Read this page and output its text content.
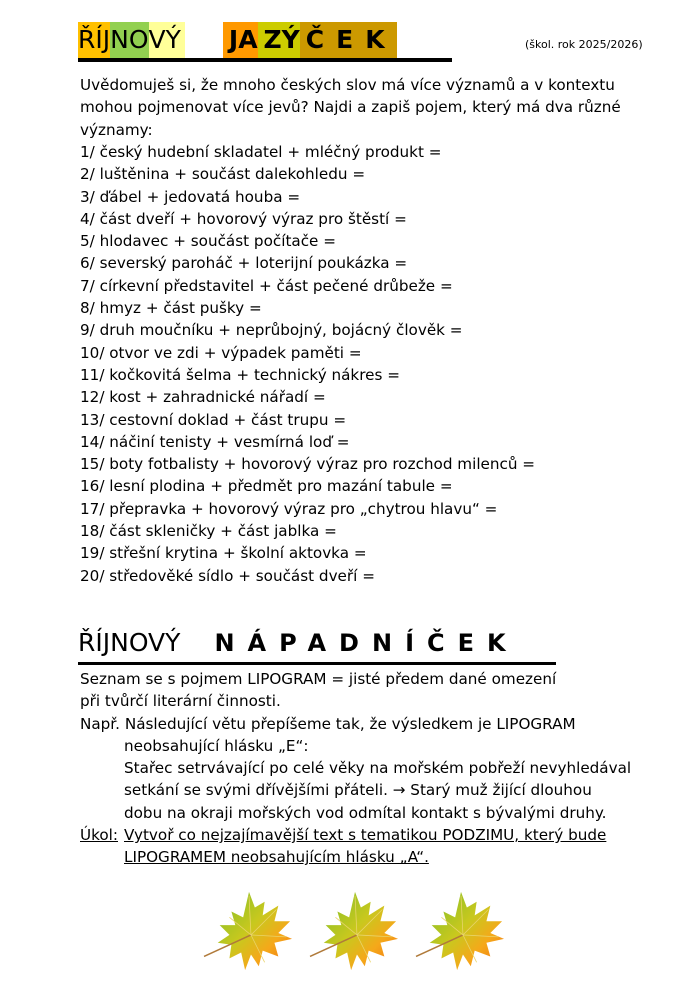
ŘÍJ NO VÝ JA ZÝ ČEK	(škol. rok 2025/2026)
Uvědomuješ si, že mnoho českých slov má více významů a v kontextu
mohou pojmenovat více jevů? Najdi a zapiš pojem, který má dva různé
významy:
1/ český hudební skladatel + mléčný produkt =
2/ luštěnina + součást dalekohledu =
3/ ďábel + jedovatá houba =
4/ část dveří + hovorový výraz pro štěstí =
5/ hlodavec + součást počítače =
6/ severský paroháč + loterijní poukázka =
7/ církevní představitel + část pečené drůbeže =
8/ hmyz + část pušky =
9/ druh moučníku + neprůbojný, bojácný člověk =
10/ otvor ve zdi + výpadek paměti =
11/ kočkovitá šelma + technický nákres =
12/ kost + zahradnické nářadí =
13/ cestovní doklad + část trupu =
14/ náčiní tenisty + vesmírná loď =
15/ boty fotbalisty + hovorový výraz pro rozchod milenců =
16/ lesní plodina + předmět pro mazání tabule =
17/ přepravka + hovorový výraz pro „chytrou hlavu“ =
18/ část skleničky + část jablka =
19/ střešní krytina + školní aktovka =
20/ středověké sídlo + součást dveří =
ŘÍJNOVÝ NÁPADNÍČEK
Seznam se s pojmem LIPOGRAM = jisté předem dané omezení
při tvůrčí literární činnosti.
Např. Následující větu přepíšeme tak, že výsledkem je LIPOGRAM
neobsahující hlásku „E“:
Stařec setrvávající po celé věky na mořském pobřeží nevyhledával
setkání se svými dřívějšími přáteli. → Starý muž žijící dlouhou
dobu na okraji mořských vod odmítal kontakt s bývalými druhy.
Úkol: Vytvoř co nejzajímavější text s tematikou PODZIMU, který bude
LIPOGRAMEM neobsahujícím hlásku „A“.
